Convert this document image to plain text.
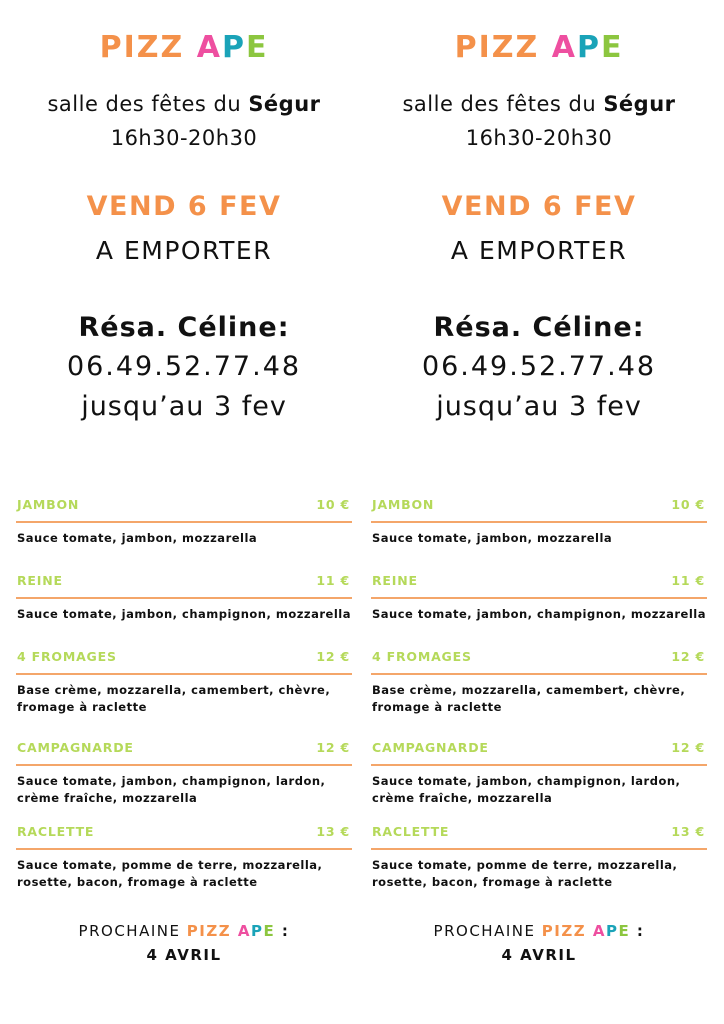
PIZZ APE
salle des fêtes du Ségur
16h30-20h30
VEND 6 FEV
A EMPORTER
Résa. Céline:
06.49.52.77.48
jusqu’au 3 fev
JAMBON	10 €
Sauce tomate, jambon, mozzarella
REINE	11 €
Sauce tomate, jambon, champignon, mozzarella
4 FROMAGES	12 €
Base crème, mozzarella, camembert, chèvre,
fromage à raclette
CAMPAGNARDE	12 €
Sauce tomate, jambon, champignon, lardon,
crème fraîche, mozzarella
RACLETTE	13 €
Sauce tomate, pomme de terre, mozzarella,
rosette, bacon, fromage à raclette
PROCHAINE PIZZ APE :
4 AVRIL
PIZZ APE
salle des fêtes du Ségur
16h30-20h30
VEND 6 FEV
A EMPORTER
Résa. Céline:
06.49.52.77.48
jusqu’au 3 fev
JAMBON	10 €
Sauce tomate, jambon, mozzarella
REINE	11 €
Sauce tomate, jambon, champignon, mozzarella
4 FROMAGES	12 €
Base crème, mozzarella, camembert, chèvre,
fromage à raclette
CAMPAGNARDE	12 €
Sauce tomate, jambon, champignon, lardon,
crème fraîche, mozzarella
RACLETTE	13 €
Sauce tomate, pomme de terre, mozzarella,
rosette, bacon, fromage à raclette
PROCHAINE PIZZ APE :
4 AVRIL
